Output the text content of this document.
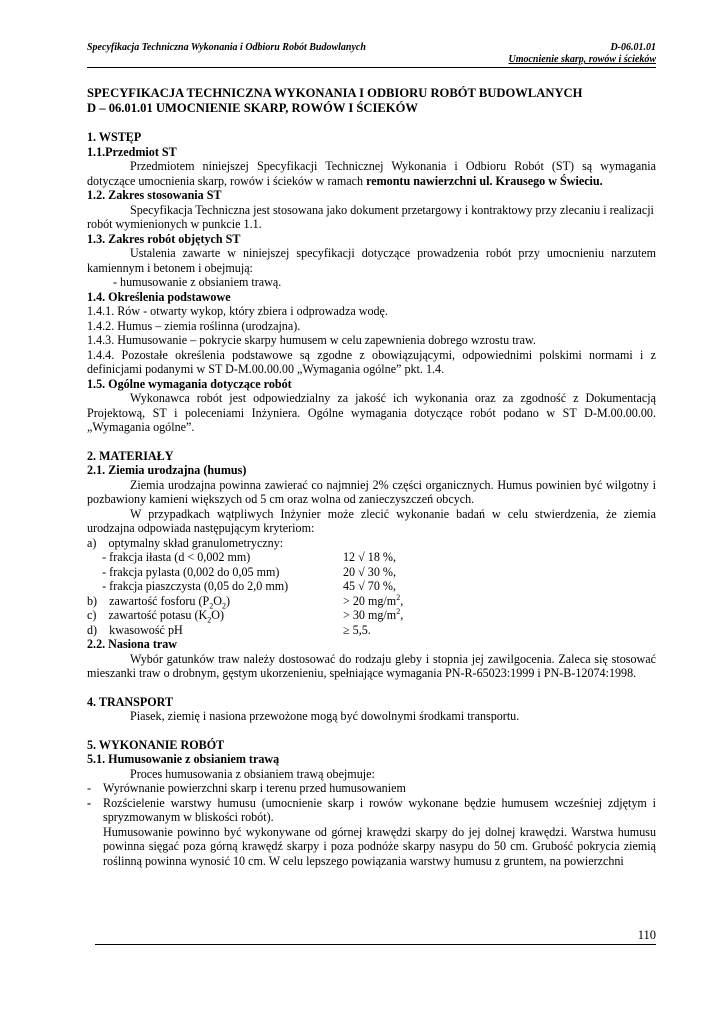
Specyfikacja Techniczna Wykonania i Odbioru Robót Budowlanych	D-06.01.01
Umocnienie skarp, rowów i ścieków

SPECYFIKACJA TECHNICZNA WYKONANIA I ODBIORU ROBÓT BUDOWLANYCH

D – 06.01.01 UMOCNIENIE SKARP, ROWÓW I ŚCIEKÓW

1. WSTĘP

1.1.Przedmiot ST

Przedmiotem niniejszej Specyfikacji Technicznej Wykonania i Odbioru Robót (ST) są wymagania dotyczące umocnienia skarp, rowów i ścieków w ramach remontu nawierzchni ul. Krausego w Świeciu.

1.2. Zakres stosowania ST

Specyfikacja Techniczna jest stosowana jako dokument przetargowy i kontraktowy przy zlecaniu i realizacji robót wymienionych w punkcie 1.1.

1.3. Zakres robót objętych ST

Ustalenia zawarte w niniejszej specyfikacji dotyczące prowadzenia robót przy umocnieniu narzutem kamiennym i betonem i obejmują:

- humusowanie z obsianiem trawą.

1.4. Określenia podstawowe

1.4.1. Rów - otwarty wykop, który zbiera i odprowadza wodę.

1.4.2. Humus – ziemia roślinna (urodzajna).

1.4.3. Humusowanie – pokrycie skarpy humusem w celu zapewnienia dobrego wzrostu traw.

1.4.4. Pozostałe określenia podstawowe są zgodne z obowiązującymi, odpowiednimi polskimi normami i z definicjami podanymi w ST D-M.00.00.00 „Wymagania ogólne” pkt. 1.4.

1.5. Ogólne wymagania dotyczące robót

Wykonawca robót jest odpowiedzialny za jakość ich wykonania oraz za zgodność z Dokumentacją Projektową, ST i poleceniami Inżyniera. Ogólne wymagania dotyczące robót podano w ST D-M.00.00.00. „Wymagania ogólne”.

2. MATERIAŁY

2.1. Ziemia urodzajna (humus)

Ziemia urodzajna powinna zawierać co najmniej 2% części organicznych. Humus powinien być wilgotny i pozbawiony kamieni większych od 5 cm oraz wolna od zanieczyszczeń obcych.

W przypadkach wątpliwych Inżynier może zlecić wykonanie badań w celu stwierdzenia, że ziemia urodzajna odpowiada następującym kryteriom:

a)    optymalny skład granulometryczny:
- frakcja iłasta (d < 0,002 mm)	12 √ 18 %,
- frakcja pylasta (0,002 do 0,05 mm)	20 √ 30 %,
- frakcja piaszczysta (0,05 do 2,0 mm)	45 √ 70 %,
b)    zawartość fosforu $(P_2O_2)$	> 20 $mg/m^2$,
c)    zawartość potasu $(K_2O)$	> 30 $mg/m^2$,
d)    kwasowość pH	≥ 5,5.

2.2. Nasiona traw

Wybór gatunków traw należy dostosować do rodzaju gleby i stopnia jej zawilgocenia. Zaleca się stosować mieszanki traw o drobnym, gęstym ukorzenieniu, spełniające wymagania PN-R-65023:1999 i PN-B-12074:1998.

4. TRANSPORT

Piasek, ziemię i nasiona przewożone mogą być dowolnymi środkami transportu.

5. WYKONANIE ROBÓT

5.1. Humusowanie z obsianiem trawą

Proces humusowania z obsianiem trawą obejmuje:

- Wyrównanie powierzchni skarp i terenu przed humusowaniem

- Rozścielenie warstwy humusu (umocnienie skarp i rowów wykonane będzie humusem wcześniej zdjętym i spryzmowanym w bliskości robót).

Humusowanie powinno być wykonywane od górnej krawędzi skarpy do jej dolnej krawędzi. Warstwa humusu powinna sięgać poza górną krawędź skarpy i poza podnóże skarpy nasypu do 50 cm. Grubość pokrycia ziemią roślinną powinna wynosić 10 cm. W celu lepszego powiązania warstwy humusu z gruntem, na powierzchni

110
